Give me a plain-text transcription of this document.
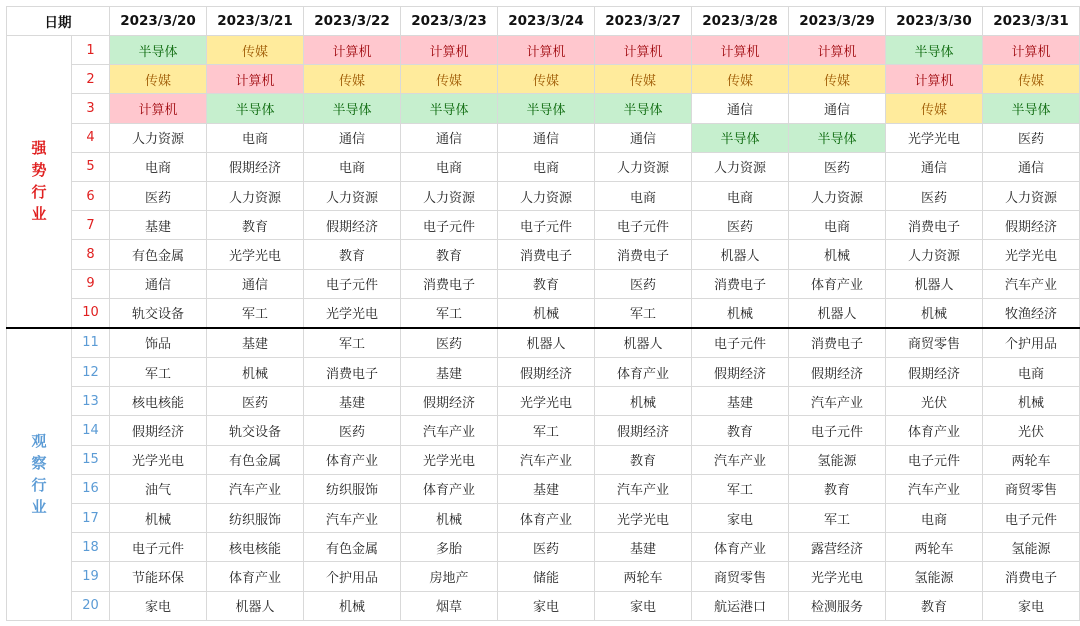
日期		2023/3/20	2023/3/21	2023/3/22	2023/3/23	2023/3/24	2023/3/27	2023/3/28	2023/3/29	2023/3/30	2023/3/31
强势行业	1	半导体	传媒	计算机	计算机	计算机	计算机	计算机	计算机	半导体	计算机
	2	传媒	计算机	传媒	传媒	传媒	传媒	传媒	传媒	计算机	传媒
	3	计算机	半导体	半导体	半导体	半导体	半导体	通信	通信	传媒	半导体
	4	人力资源	电商	通信	通信	通信	通信	半导体	半导体	光学光电	医药
	5	电商	假期经济	电商	电商	电商	人力资源	人力资源	医药	通信	通信
	6	医药	人力资源	人力资源	人力资源	人力资源	电商	电商	人力资源	医药	人力资源
	7	基建	教育	假期经济	电子元件	电子元件	电子元件	医药	电商	消费电子	假期经济
	8	有色金属	光学光电	教育	教育	消费电子	消费电子	机器人	机械	人力资源	光学光电
	9	通信	通信	电子元件	消费电子	教育	医药	消费电子	体育产业	机器人	汽车产业
	10	轨交设备	军工	光学光电	军工	机械	军工	机械	机器人	机械	牧渔经济
观察行业	11	饰品	基建	军工	医药	机器人	机器人	电子元件	消费电子	商贸零售	个护用品
	12	军工	机械	消费电子	基建	假期经济	体育产业	假期经济	假期经济	假期经济	电商
	13	核电核能	医药	基建	假期经济	光学光电	机械	基建	汽车产业	光伏	机械
	14	假期经济	轨交设备	医药	汽车产业	军工	假期经济	教育	电子元件	体育产业	光伏
	15	光学光电	有色金属	体育产业	光学光电	汽车产业	教育	汽车产业	氢能源	电子元件	两轮车
	16	油气	汽车产业	纺织服饰	体育产业	基建	汽车产业	军工	教育	汽车产业	商贸零售
	17	机械	纺织服饰	汽车产业	机械	体育产业	光学光电	家电	军工	电商	电子元件
	18	电子元件	核电核能	有色金属	多胎	医药	基建	体育产业	露营经济	两轮车	氢能源
	19	节能环保	体育产业	个护用品	房地产	储能	两轮车	商贸零售	光学光电	氢能源	消费电子
	20	家电	机器人	机械	烟草	家电	家电	航运港口	检测服务	教育	家电
